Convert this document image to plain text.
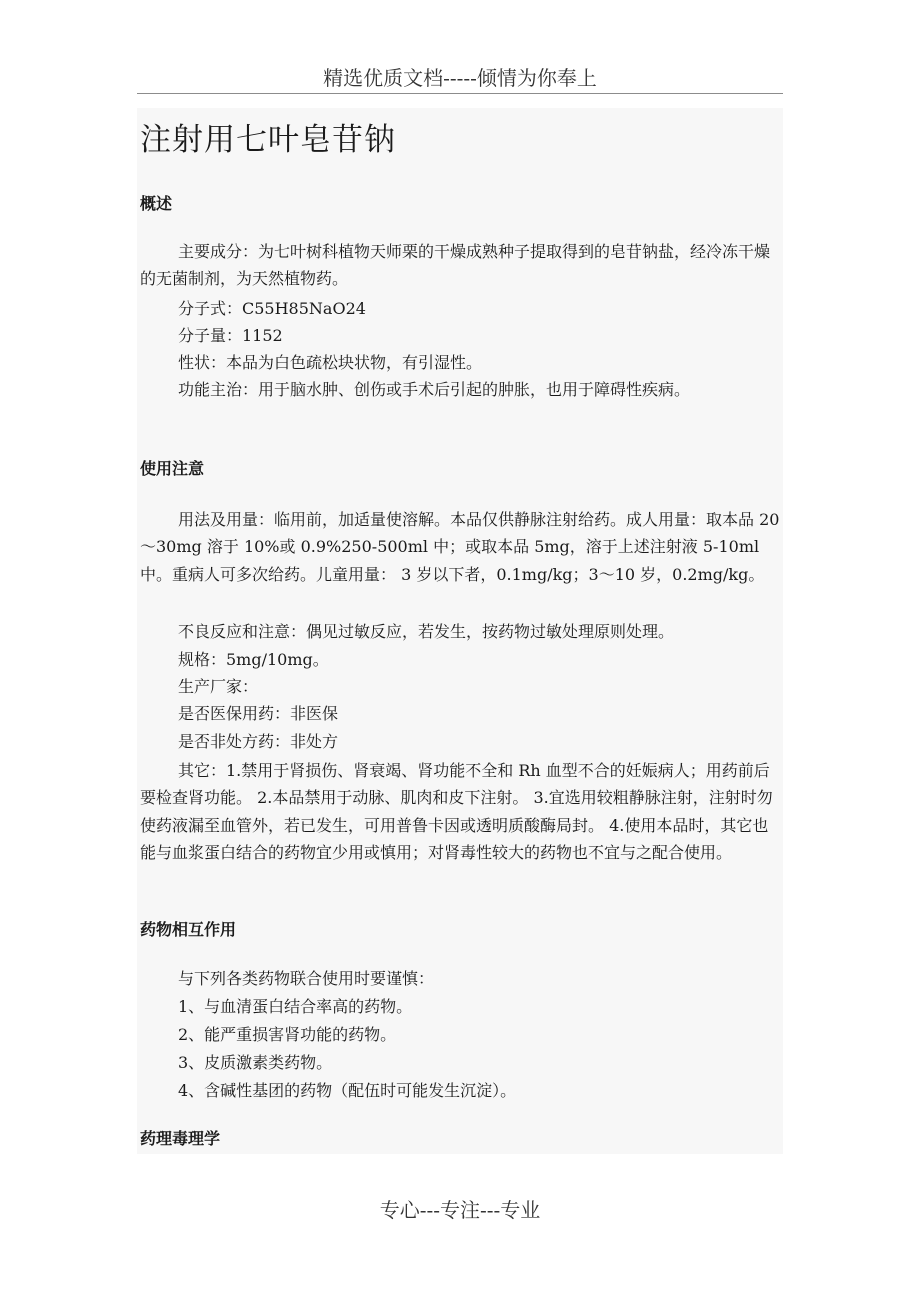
精选优质文档-----倾情为你奉上
注射用七叶皂苷钠
概述

主要成分：为七叶树科植物天师栗的干燥成熟种子提取得到的皂苷钠盐，经冷冻干燥的无菌制剂，为天然植物药。

分子式：C55H85NaO24

分子量：1152

性状：本品为白色疏松块状物，有引湿性。

功能主治：用于脑水肿、创伤或手术后引起的肿胀，也用于障碍性疾病。

使用注意

用法及用量：临用前，加适量使溶解。本品仅供静脉注射给药。成人用量：取本品 20～30mg 溶于 10%或 0.9%250-500ml 中；或取本品 5mg，溶于上述注射液 5-10ml 中。重病人可多次给药。儿童用量： 3 岁以下者，0.1mg/kg；3～10 岁，0.2mg/kg。

不良反应和注意：偶见过敏反应，若发生，按药物过敏处理原则处理。

规格：5mg/10mg。

生产厂家：

是否医保用药：非医保

是否非处方药：非处方

其它：1.禁用于肾损伤、肾衰竭、肾功能不全和 Rh 血型不合的妊娠病人；用药前后要检查肾功能。 2.本品禁用于动脉、肌肉和皮下注射。 3.宜选用较粗静脉注射，注射时勿使药液漏至血管外，若已发生，可用普鲁卡因或透明质酸酶局封。 4.使用本品时，其它也能与血浆蛋白结合的药物宜少用或慎用；对肾毒性较大的药物也不宜与之配合使用。

药物相互作用

与下列各类药物联合使用时要谨慎：

1、与血清蛋白结合率高的药物。

2、能严重损害肾功能的药物。

3、皮质激素类药物。

4、含碱性基团的药物（配伍时可能发生沉淀）。

药理毒理学
专心---专注---专业
